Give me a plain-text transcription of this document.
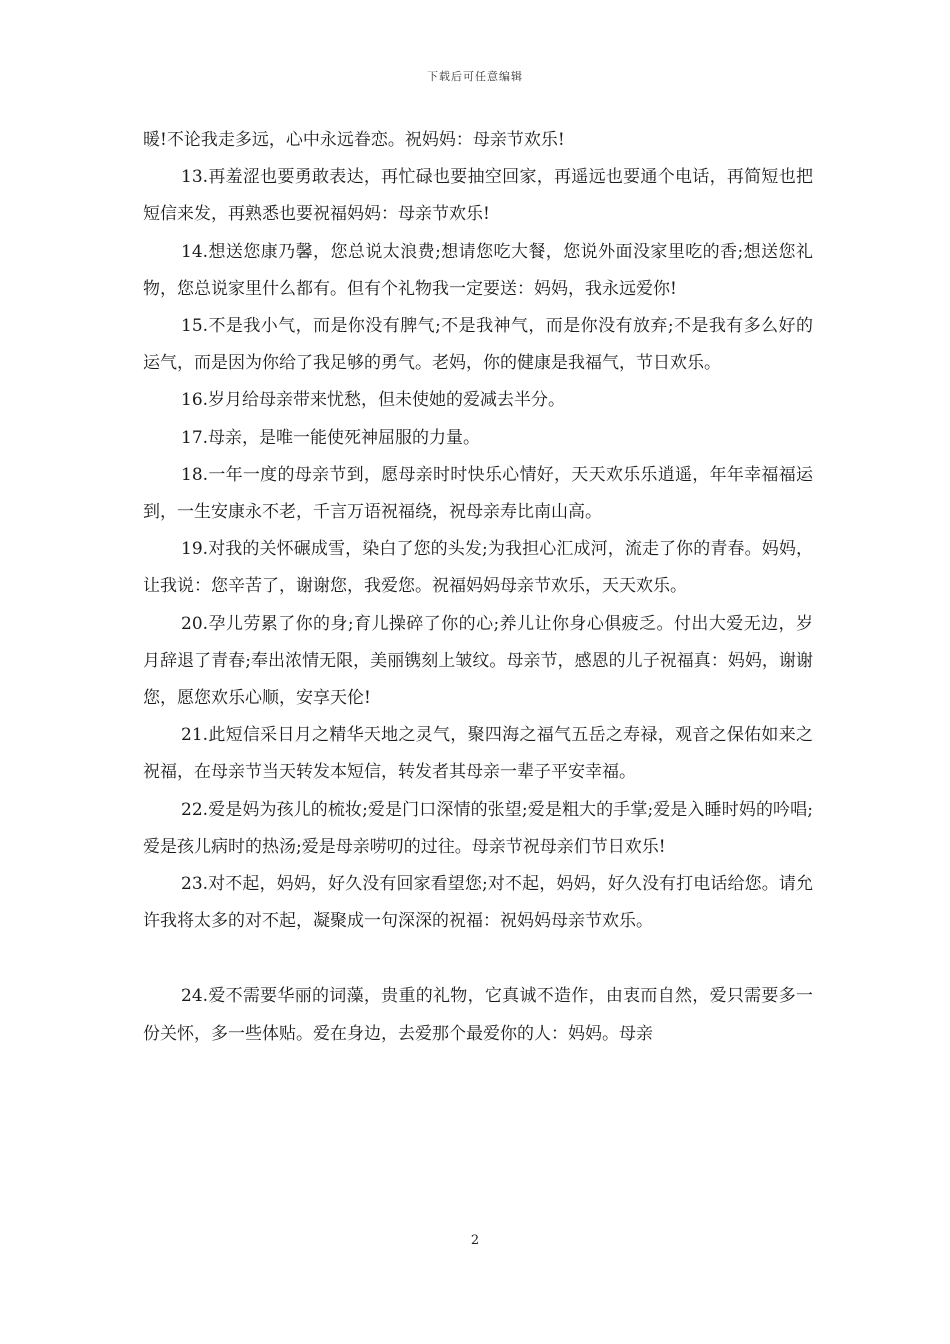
下载后可任意编辑

暖!不论我走多远，心中永远眷恋。祝妈妈：母亲节欢乐!

13.再羞涩也要勇敢表达，再忙碌也要抽空回家，再遥远也要通个电话，再简短也把短信来发，再熟悉也要祝福妈妈：母亲节欢乐!

14.想送您康乃馨，您总说太浪费;想请您吃大餐，您说外面没家里吃的香;想送您礼物，您总说家里什么都有。但有个礼物我一定要送：妈妈，我永远爱你!

15.不是我小气，而是你没有脾气;不是我神气，而是你没有放弃;不是我有多么好的运气，而是因为你给了我足够的勇气。老妈，你的健康是我福气，节日欢乐。

16.岁月给母亲带来忧愁，但未使她的爱减去半分。

17.母亲，是唯一能使死神屈服的力量。

18.一年一度的母亲节到，愿母亲时时快乐心情好，天天欢乐乐逍遥，年年幸福福运到，一生安康永不老，千言万语祝福绕，祝母亲寿比南山高。

19.对我的关怀碾成雪，染白了您的头发;为我担心汇成河，流走了你的青春。妈妈，让我说：您辛苦了，谢谢您，我爱您。祝福妈妈母亲节欢乐，天天欢乐。

20.孕儿劳累了你的身;育儿操碎了你的心;养儿让你身心俱疲乏。付出大爱无边，岁月辞退了青春;奉出浓情无限，美丽镌刻上皱纹。母亲节，感恩的儿子祝福真：妈妈，谢谢您，愿您欢乐心顺，安享天伦!

21.此短信采日月之精华天地之灵气，聚四海之福气五岳之寿禄，观音之保佑如来之祝福，在母亲节当天转发本短信，转发者其母亲一辈子平安幸福。

22.爱是妈为孩儿的梳妆;爱是门口深情的张望;爱是粗大的手掌;爱是入睡时妈的吟唱;爱是孩儿病时的热汤;爱是母亲唠叨的过往。母亲节祝母亲们节日欢乐!

23.对不起，妈妈，好久没有回家看望您;对不起，妈妈，好久没有打电话给您。请允许我将太多的对不起，凝聚成一句深深的祝福：祝妈妈母亲节欢乐。

24.爱不需要华丽的词藻，贵重的礼物，它真诚不造作，由衷而自然，爱只需要多一份关怀，多一些体贴。爱在身边，去爱那个最爱你的人：妈妈。母亲

2
